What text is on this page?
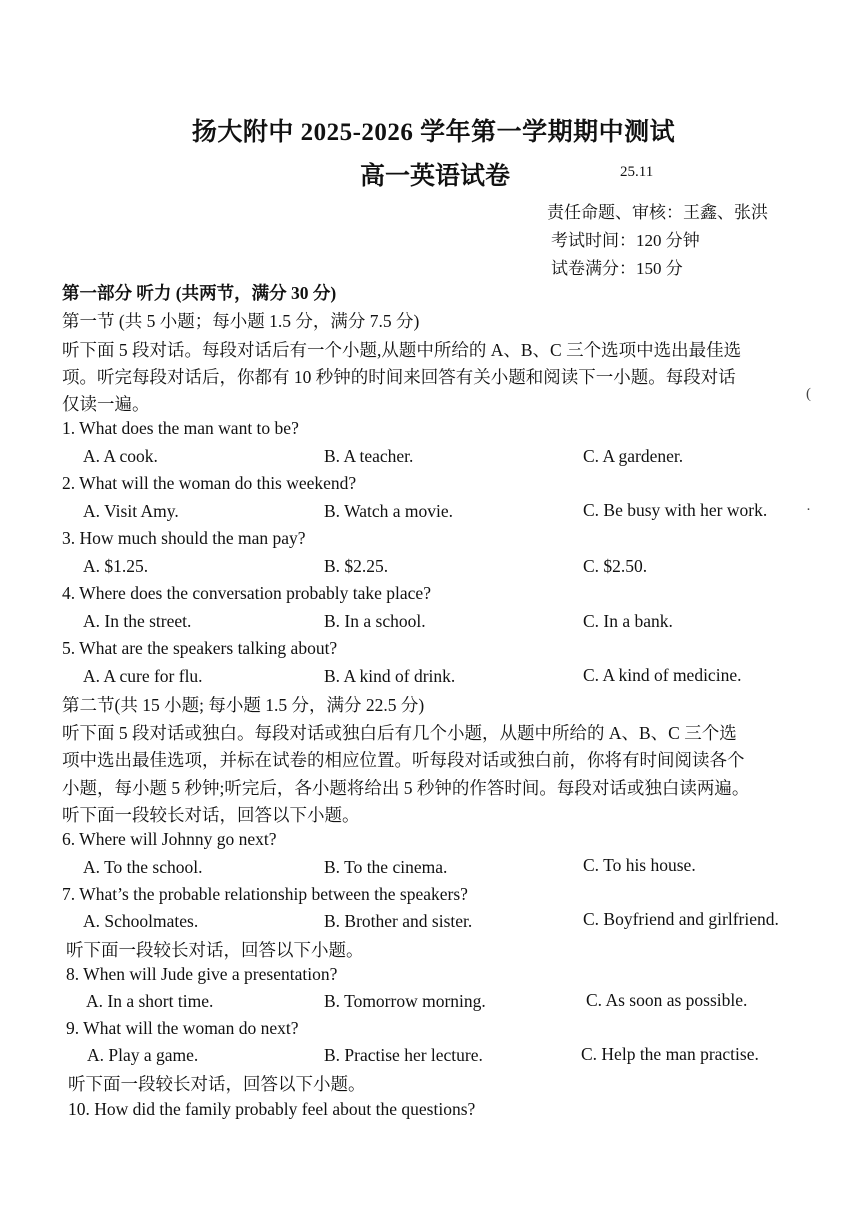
扬大附中 2025-2026 学年第一学期期中测试
高一英语试卷	25.11
责任命题、审核：王鑫、张洪
考试时间：120 分钟
试卷满分：150 分
第一部分 听力 (共两节，满分 30 分)
第一节 (共 5 小题；每小题 1.5 分，满分 7.5 分)
听下面 5 段对话。每段对话后有一个小题,从题中所给的 A、B、C 三个选项中选出最佳选
项。听完每段对话后，你都有 10 秒钟的时间来回答有关小题和阅读下一小题。每段对话
仅读一遍。	(
1. What does the man want to be?
A. A cook.	B. A teacher.	C. A gardener.
2. What will the woman do this weekend?
A. Visit Amy.	B. Watch a movie.	C. Be busy with her work.	·
3. How much should the man pay?
A. $1.25.	B. $2.25.	C. $2.50.
4. Where does the conversation probably take place?
A. In the street.	B. In a school.	C. In a bank.
5. What are the speakers talking about?
A. A cure for flu.	B. A kind of drink.	C. A kind of medicine.
第二节(共 15 小题; 每小题 1.5 分，满分 22.5 分)
听下面 5 段对话或独白。每段对话或独白后有几个小题，从题中所给的 A、B、C 三个选
项中选出最佳选项，并标在试卷的相应位置。听每段对话或独白前，你将有时间阅读各个
小题，每小题 5 秒钟;听完后，各小题将给出 5 秒钟的作答时间。每段对话或独白读两遍。
听下面一段较长对话，回答以下小题。
6. Where will Johnny go next?
A. To the school.	B. To the cinema.	C. To his house.
7. What’s the probable relationship between the speakers?
A. Schoolmates.	B. Brother and sister.	C. Boyfriend and girlfriend.
听下面一段较长对话，回答以下小题。
8. When will Jude give a presentation?
A. In a short time.	B. Tomorrow morning.	C. As soon as possible.
9. What will the woman do next?
A. Play a game.	B. Practise her lecture.	C. Help the man practise.
听下面一段较长对话，回答以下小题。
10. How did the family probably feel about the questions?
